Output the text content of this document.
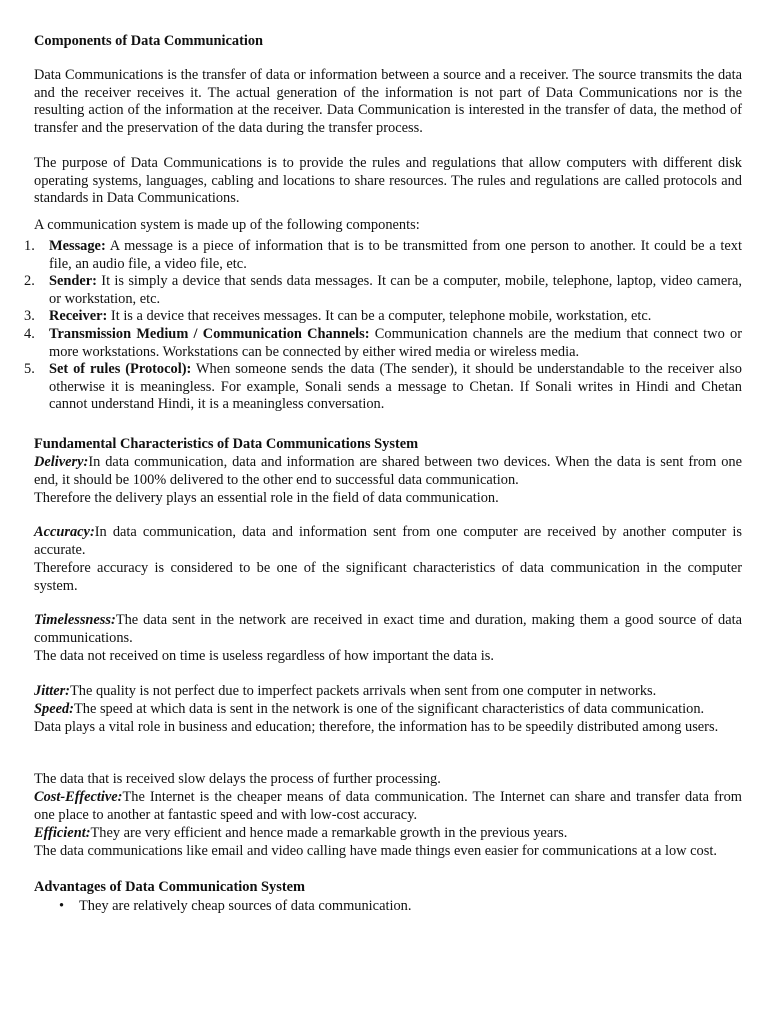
Components of Data Communication

Data Communications is the transfer of data or information between a source and a receiver. The source transmits the data and the receiver receives it. The actual generation of the information is not part of Data Communications nor is the resulting action of the information at the receiver. Data Communication is interested in the transfer of data, the method of transfer and the preservation of the data during the transfer process.

The purpose of Data Communications is to provide the rules and regulations that allow computers with different disk operating systems, languages, cabling and locations to share resources. The rules and regulations are called protocols and standards in Data Communications.

A communication system is made up of the following components:

1. Message: A message is a piece of information that is to be transmitted from one person to another. It could be a text file, an audio file, a video file, etc.
2. Sender: It is simply a device that sends data messages. It can be a computer, mobile, telephone, laptop, video camera, or workstation, etc.
3. Receiver: It is a device that receives messages. It can be a computer, telephone mobile, workstation, etc.
4. Transmission Medium / Communication Channels: Communication channels are the medium that connect two or more workstations. Workstations can be connected by either wired media or wireless media.
5. Set of rules (Protocol): When someone sends the data (The sender), it should be understandable to the receiver also otherwise it is meaningless. For example, Sonali sends a message to Chetan. If Sonali writes in Hindi and Chetan cannot understand Hindi, it is a meaningless conversation.

Fundamental Characteristics of Data Communications System

Delivery:In data communication, data and information are shared between two devices. When the data is sent from one end, it should be 100% delivered to the other end to successful data communication.

Therefore the delivery plays an essential role in the field of data communication.

Accuracy:In data communication, data and information sent from one computer are received by another computer is accurate.

Therefore accuracy is considered to be one of the significant characteristics of data communication in the computer system.

Timelessness:The data sent in the network are received in exact time and duration, making them a good source of data communications.

The data not received on time is useless regardless of how important the data is.

Jitter:The quality is not perfect due to imperfect packets arrivals when sent from one computer in networks.

Speed:The speed at which data is sent in the network is one of the significant characteristics of data communication.

Data plays a vital role in business and education; therefore, the information has to be speedily distributed among users.

The data that is received slow delays the process of further processing.

Cost-Effective:The Internet is the cheaper means of data communication. The Internet can share and transfer data from one place to another at fantastic speed and with low-cost accuracy.

Efficient:They are very efficient and hence made a remarkable growth in the previous years.

The data communications like email and video calling have made things even easier for communications at a low cost.

Advantages of Data Communication System

• They are relatively cheap sources of data communication.
